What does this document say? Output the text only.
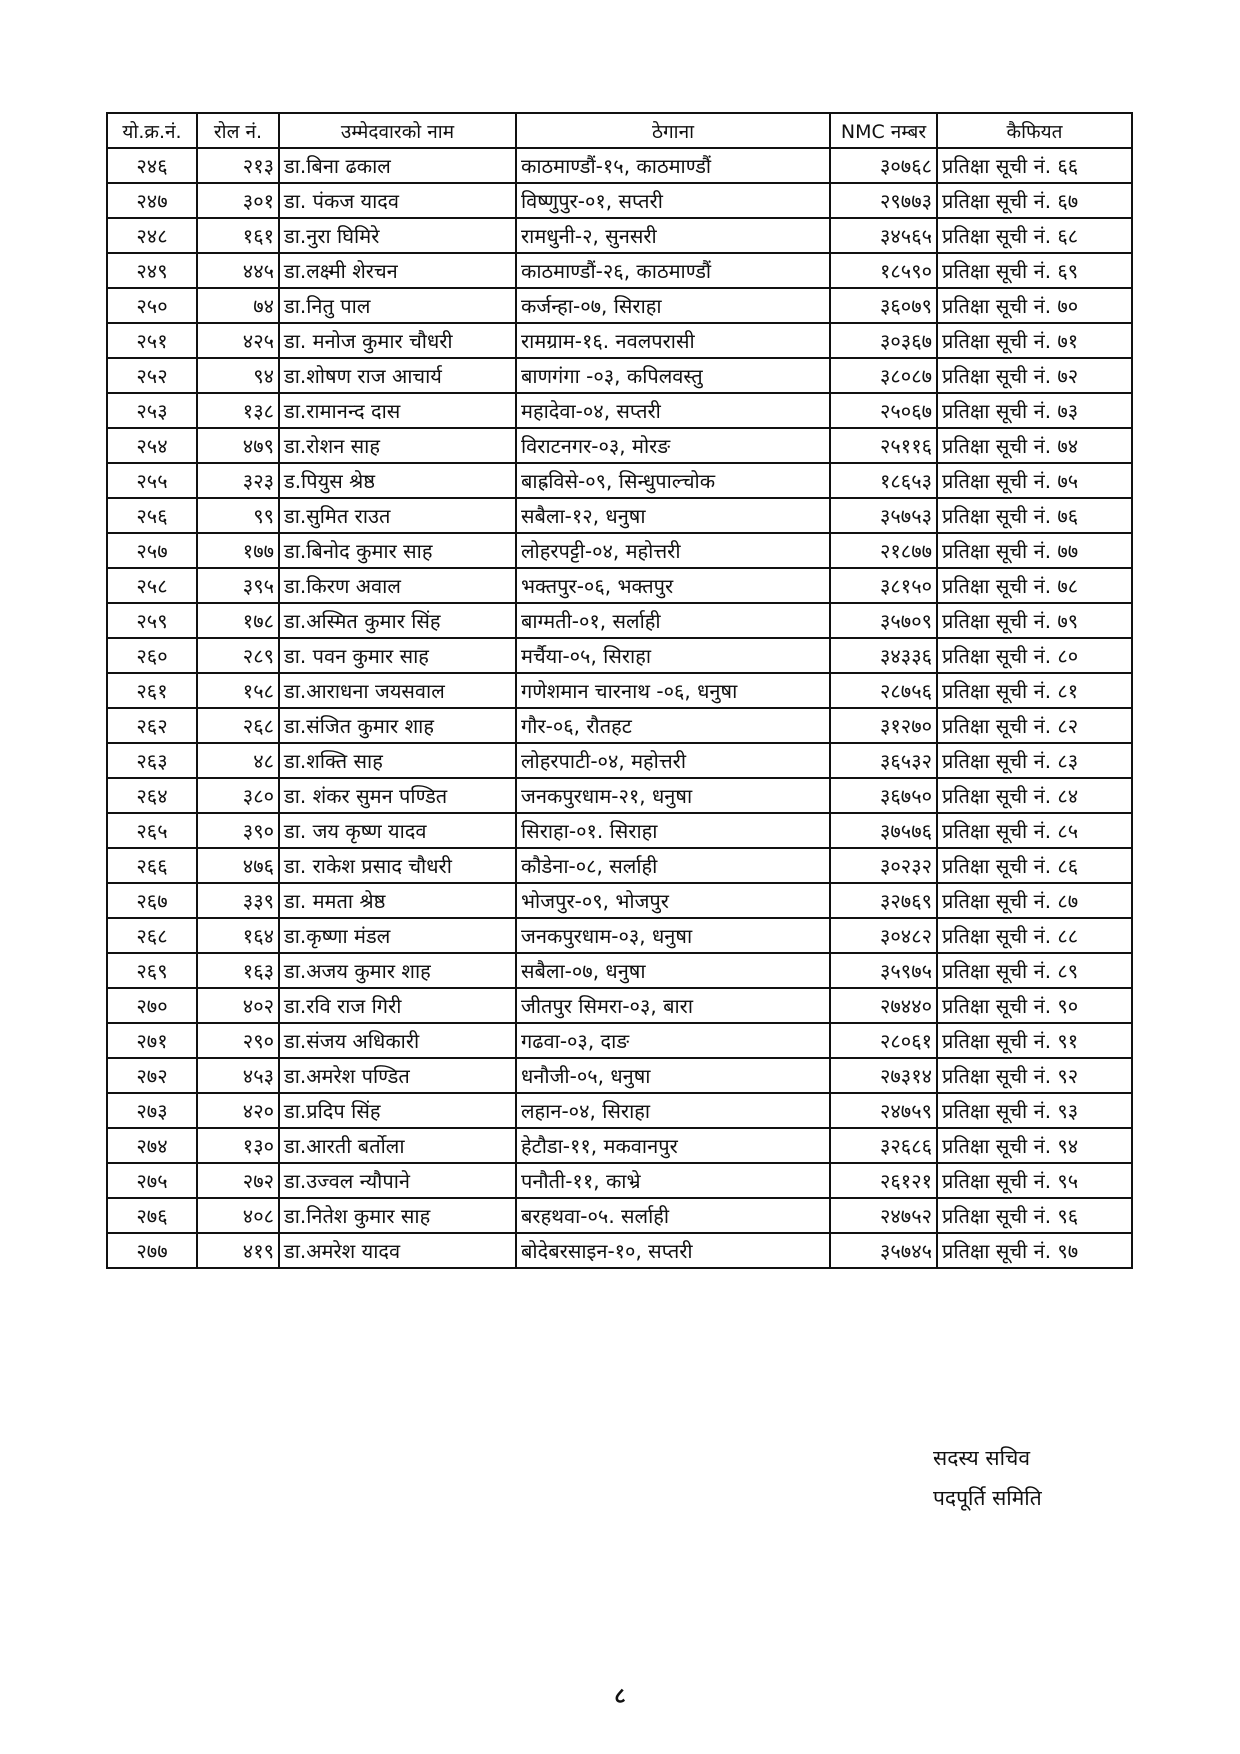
यो.क्र.नं.	रोल नं.	उम्मेदवारको नाम	ठेगाना	NMC नम्बर	कैफियत
२४६	२१३	डा.बिना ढकाल	काठमाण्डौं-१५, काठमाण्डौं	३०७६८	प्रतिक्षा सूची नं. ६६
२४७	३०१	डा. पंकज यादव	विष्णुपुर-०१, सप्तरी	२९७७३	प्रतिक्षा सूची नं. ६७
२४८	१६१	डा.नुरा घिमिरे	रामधुनी-२, सुनसरी	३४५६५	प्रतिक्षा सूची नं. ६८
२४९	४४५	डा.लक्ष्मी शेरचन	काठमाण्डौं-२६, काठमाण्डौं	१८५९०	प्रतिक्षा सूची नं. ६९
२५०	७४	डा.नितु पाल	कर्जन्हा-०७, सिराहा	३६०७९	प्रतिक्षा सूची नं. ७०
२५१	४२५	डा. मनोज कुमार चौधरी	रामग्राम-१६. नवलपरासी	३०३६७	प्रतिक्षा सूची नं. ७१
२५२	९४	डा.शोषण राज आचार्य	बाणगंगा -०३, कपिलवस्तु	३८०८७	प्रतिक्षा सूची नं. ७२
२५३	१३८	डा.रामानन्द दास	महादेवा-०४, सप्तरी	२५०६७	प्रतिक्षा सूची नं. ७३
२५४	४७९	डा.रोशन साह	विराटनगर-०३, मोरङ	२५११६	प्रतिक्षा सूची नं. ७४
२५५	३२३	ड.पियुस श्रेष्ठ	बाह्रविसे-०९, सिन्धुपाल्चोक	१८६५३	प्रतिक्षा सूची नं. ७५
२५६	९९	डा.सुमित राउत	सबैला-१२, धनुषा	३५७५३	प्रतिक्षा सूची नं. ७६
२५७	१७७	डा.बिनोद कुमार साह	लोहरपट्टी-०४, महोत्तरी	२१८७७	प्रतिक्षा सूची नं. ७७
२५८	३९५	डा.किरण अवाल	भक्तपुर-०६, भक्तपुर	३८१५०	प्रतिक्षा सूची नं. ७८
२५९	१७८	डा.अस्मित कुमार सिंह	बाग्मती-०१, सर्लाही	३५७०९	प्रतिक्षा सूची नं. ७९
२६०	२८९	डा. पवन कुमार साह	मर्चैया-०५, सिराहा	३४३३६	प्रतिक्षा सूची नं. ८०
२६१	१५८	डा.आराधना जयसवाल	गणेशमान चारनाथ -०६, धनुषा	२८७५६	प्रतिक्षा सूची नं. ८१
२६२	२६८	डा.संजित कुमार शाह	गौर-०६, रौतहट	३१२७०	प्रतिक्षा सूची नं. ८२
२६३	४८	डा.शक्ति साह	लोहरपाटी-०४, महोत्तरी	३६५३२	प्रतिक्षा सूची नं. ८३
२६४	३८०	डा. शंकर सुमन पण्डित	जनकपुरधाम-२१, धनुषा	३६७५०	प्रतिक्षा सूची नं. ८४
२६५	३९०	डा. जय कृष्ण यादव	सिराहा-०१. सिराहा	३७५७६	प्रतिक्षा सूची नं. ८५
२६६	४७६	डा. राकेश प्रसाद चौधरी	कौडेना-०८, सर्लाही	३०२३२	प्रतिक्षा सूची नं. ८६
२६७	३३९	डा. ममता श्रेष्ठ	भोजपुर-०९, भोजपुर	३२७६९	प्रतिक्षा सूची नं. ८७
२६८	१६४	डा.कृष्णा मंडल	जनकपुरधाम-०३, धनुषा	३०४८२	प्रतिक्षा सूची नं. ८८
२६९	१६३	डा.अजय कुमार शाह	सबैला-०७, धनुषा	३५९७५	प्रतिक्षा सूची नं. ८९
२७०	४०२	डा.रवि राज गिरी	जीतपुर सिमरा-०३, बारा	२७४४०	प्रतिक्षा सूची नं. ९०
२७१	२९०	डा.संजय अधिकारी	गढवा-०३, दाङ	२८०६१	प्रतिक्षा सूची नं. ९१
२७२	४५३	डा.अमरेश पण्डित	धनौजी-०५, धनुषा	२७३१४	प्रतिक्षा सूची नं. ९२
२७३	४२०	डा.प्रदिप सिंह	लहान-०४, सिराहा	२४७५९	प्रतिक्षा सूची नं. ९३
२७४	१३०	डा.आरती बर्तोला	हेटौडा-११, मकवानपुर	३२६८६	प्रतिक्षा सूची नं. ९४
२७५	२७२	डा.उज्वल न्यौपाने	पनौती-११, काभ्रे	२६१२१	प्रतिक्षा सूची नं. ९५
२७६	४०८	डा.नितेश कुमार साह	बरहथवा-०५. सर्लाही	२४७५२	प्रतिक्षा सूची नं. ९६
२७७	४१९	डा.अमरेश यादव	बोदेबरसाइन-१०, सप्तरी	३५७४५	प्रतिक्षा सूची नं. ९७
सदस्य सचिव
पदपूर्ति समिति
८
